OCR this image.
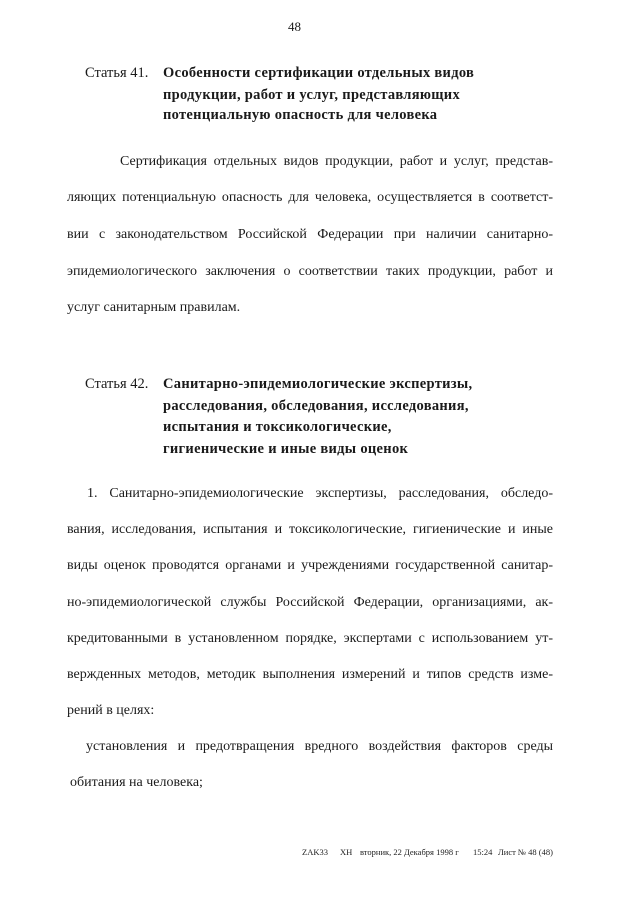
48
Статья 41. Особенности сертификации отдельных видов
продукции, работ и услуг, представляющих
потенциальную опасность для человека
Сертификация отдельных видов продукции, работ и услуг, представ-
ляющих потенциальную опасность для человека, осуществляется в соответст-
вии с законодательством Российской Федерации при наличии санитарно-
эпидемиологического заключения о соответствии таких продукции, работ и
услуг санитарным правилам.
Статья 42. Санитарно-эпидемиологические экспертизы,
расследования, обследования, исследования,
испытания и токсикологические,
гигиенические и иные виды оценок
1. Санитарно-эпидемиологические экспертизы, расследования, обследо-
вания, исследования, испытания и токсикологические, гигиенические и иные
виды оценок проводятся органами и учреждениями государственной санитар-
но-эпидемиологической службы Российской Федерации, организациями, ак-
кредитованными в установленном порядке, экспертами с использованием ут-
вержденных методов, методик выполнения измерений и типов средств изме-
рений в целях:
установления и предотвращения вредного воздействия факторов среды
обитания на человека;
ZAK33 XH вторник, 22 Декабря 1998 г 15:24 Лист № 48 (48)
